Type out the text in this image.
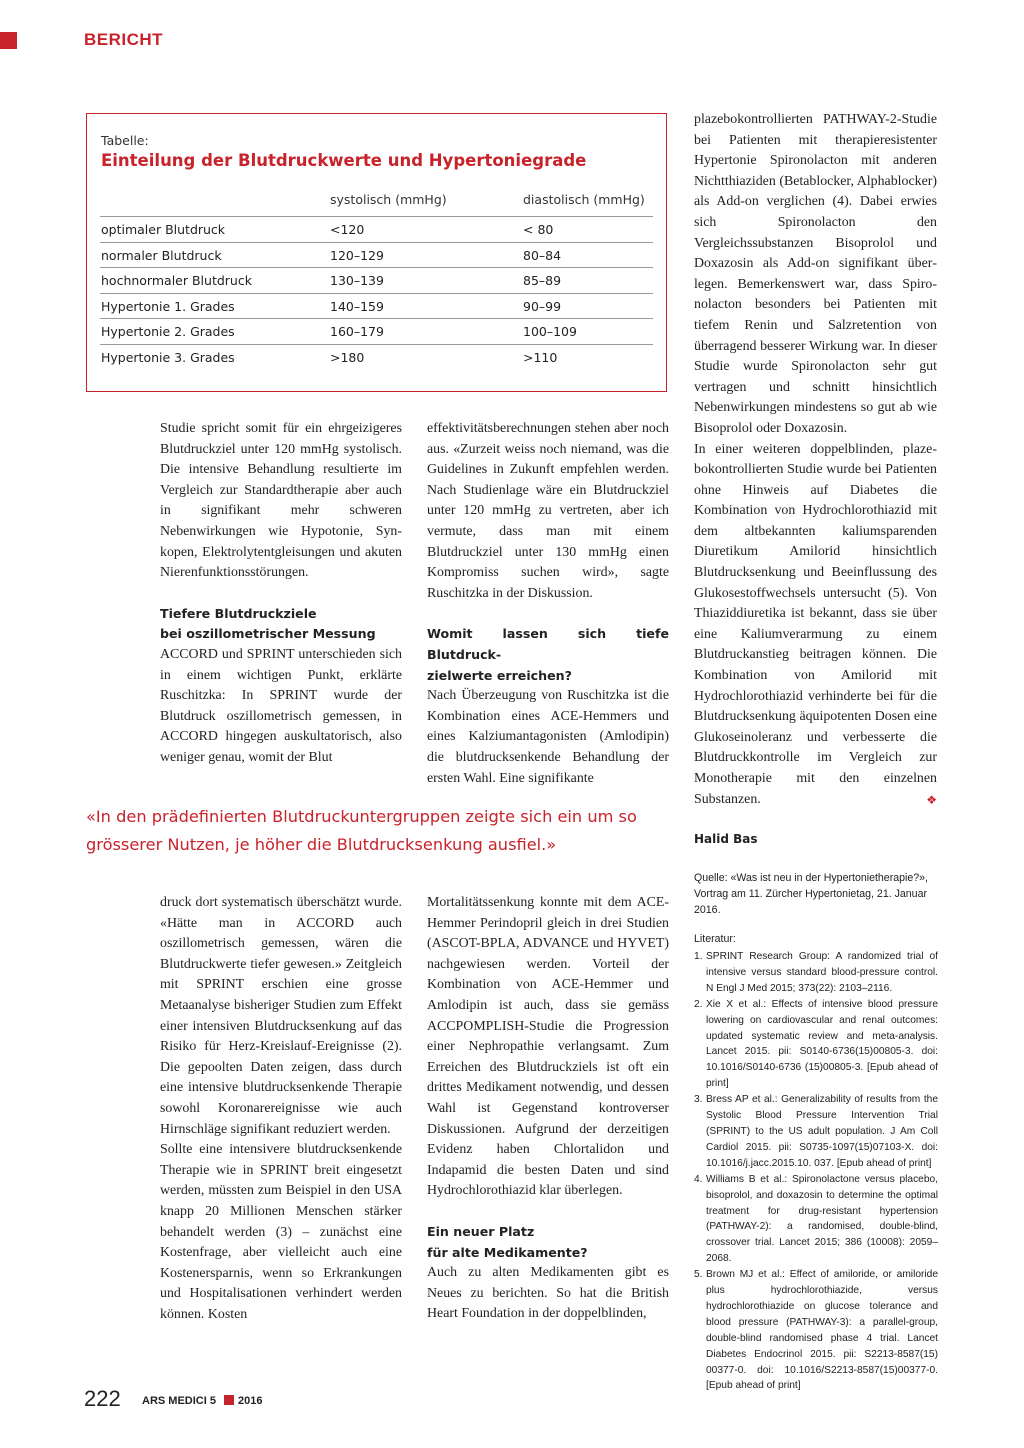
BERICHT
Tabelle:
Einteilung der Blutdruckwerte und Hypertoniegrade
systolisch (mmHg)	diastolisch (mmHg)
optimaler Blutdruck	<120	< 80
normaler Blutdruck	120–129	80–84
hochnormaler Blutdruck	130–139	85–89
Hypertonie 1. Grades	140–159	90–99
Hypertonie 2. Grades	160–179	100–109
Hypertonie 3. Grades	>180	>110

Studie spricht somit für ein ehrgeizigeres Blutdruckziel unter 120 mmHg systolisch. Die intensive Behandlung resultierte im Vergleich zur Standardtherapie aber auch in signifikant mehr schweren Nebenwirkungen wie Hypotonie, Synkopen, Elektrolytentgleisungen und akuten Nierenfunktionsstörungen.

Tiefere Blutdruckziele
bei oszillometrischer Messung

ACCORD und SPRINT unterschieden sich in einem wichtigen Punkt, erklärte Ruschitzka: In SPRINT wurde der Blutdruck oszillometrisch gemessen, in ACCORD hingegen auskultatorisch, also weniger genau, womit der Blut

effektivitätsberechnungen stehen aber noch aus. «Zurzeit weiss noch niemand, was die Guidelines in Zukunft empfehlen werden. Nach Studienlage wäre ein Blutdruckziel unter 120 mmHg zu vertreten, aber ich vermute, dass man mit einem Blutdruckziel unter 130 mmHg einen Kompromiss suchen wird», sagte Ruschitzka in der Diskussion.

Womit lassen sich tiefe Blutdruck-
zielwerte erreichen?

Nach Überzeugung von Ruschitzka ist die Kombination eines ACE-Hemmers und eines Kalziumantagonisten (Amlodipin) die blutdrucksenkende Behandlung der ersten Wahl. Eine signifikante

«In den prädefinierten Blutdruckuntergruppen zeigte sich ein um so grösserer Nutzen, je höher die Blutdrucksenkung ausfiel.»

druck dort systematisch überschätzt wurde. «Hätte man in ACCORD auch oszillometrisch gemessen, wären die Blutdruckwerte tiefer gewesen.» Zeitgleich mit SPRINT erschien eine grosse Metaanalyse bisheriger Studien zum Effekt einer intensiven Blutdrucksenkung auf das Risiko für Herz-Kreislauf-Ereignisse (2). Die gepoolten Daten zeigen, dass durch eine intensive blutdrucksenkende Therapie sowohl Koronarereignisse wie auch Hirnschläge signifikant reduziert werden.

Sollte eine intensivere blutdrucksenkende Therapie wie in SPRINT breit eingesetzt werden, müssten zum Beispiel in den USA knapp 20 Millionen Menschen stärker behandelt werden (3) – zunächst eine Kostenfrage, aber vielleicht auch eine Kostenersparnis, wenn so Erkrankungen und Hospitalisationen verhindert werden können. Kosten

Mortalitätssenkung konnte mit dem ACE-Hemmer Perindopril gleich in drei Studien (ASCOT-BPLA, ADVANCE und HYVET) nachgewiesen werden. Vorteil der Kombination von ACE-Hemmer und Amlodipin ist auch, dass sie gemäss ACCPOMPLISH-Studie die Progression einer Nephropathie verlangsamt. Zum Erreichen des Blutdruckziels ist oft ein drittes Medikament notwendig, und dessen Wahl ist Gegenstand kontroverser Diskussionen. Aufgrund der derzeitigen Evidenz haben Chlortalidon und Indapamid die besten Daten und sind Hydrochlorothiazid klar überlegen.

Ein neuer Platz
für alte Medikamente?

Auch zu alten Medikamenten gibt es Neues zu berichten. So hat die British Heart Foundation in der doppelblinden,

plazebokontrollierten PATHWAY-2-Studie bei Patienten mit therapieresistenter Hypertonie Spironolacton mit anderen Nichtthiaziden (Betablocker, Alphablocker) als Add-on verglichen (4). Dabei erwies sich Spironolacton den Vergleichssubstanzen Bisoprolol und Doxazosin als Add-on signifikant überlegen. Bemerkenswert war, dass Spironolacton besonders bei Patienten mit tiefem Renin und Salzretention von überragend besserer Wirkung war. In dieser Studie wurde Spironolacton sehr gut vertragen und schnitt hinsichtlich Nebenwirkungen mindestens so gut ab wie Bisoprolol oder Doxazosin.

In einer weiteren doppelblinden, plazebokontrollierten Studie wurde bei Patienten ohne Hinweis auf Diabetes die Kombination von Hydrochlorothiazid mit dem altbekannten kaliumsparenden Diuretikum Amilorid hinsichtlich Blutdrucksenkung und Beeinflussung des Glukosestoffwechsels untersucht (5). Von Thiaziddiuretika ist bekannt, dass sie über eine Kaliumverarmung zu einem Blutdruckanstieg beitragen können. Die Kombination von Amilorid mit Hydrochlorothiazid verhinderte bei für die Blutdrucksenkung äquipotenten Dosen eine Glukoseinoleranz und verbesserte die Blutdruckkontrolle im Vergleich zur Monotherapie mit den einzelnen Substanzen.	❖

Halid Bas
Quelle: «Was ist neu in der Hypertonietherapie?», Vortrag am 11. Zürcher Hypertonietag, 21. Januar 2016.
Literatur:
1. SPRINT Research Group: A randomized trial of intensive versus standard blood-pressure control. N Engl J Med 2015; 373(22): 2103–2116.
2. Xie X et al.: Effects of intensive blood pressure lowering on cardiovascular and renal outcomes: updated systematic review and meta-analysis. Lancet 2015. pii: S0140-6736(15)00805-3. doi: 10.1016/S0140-6736 (15)00805-3. [Epub ahead of print]
3. Bress AP et al.: Generalizability of results from the Systolic Blood Pressure Intervention Trial (SPRINT) to the US adult population. J Am Coll Cardiol 2015. pii: S0735-1097(15)07103-X. doi: 10.1016/j.jacc.2015.10. 037. [Epub ahead of print]
4. Williams B et al.: Spironolactone versus placebo, bisoprolol, and doxazosin to determine the optimal treatment for drug-resistant hypertension (PATHWAY-2): a randomised, double-blind, crossover trial. Lancet 2015; 386 (10008): 2059–2068.
5. Brown MJ et al.: Effect of amiloride, or amiloride plus hydrochlorothiazide, versus hydrochlorothiazide on glucose tolerance and blood pressure (PATHWAY-3): a parallel-group, double-blind randomised phase 4 trial. Lancet Diabetes Endocrinol 2015. pii: S2213-8587(15) 00377-0. doi: 10.1016/S2213-8587(15)00377-0. [Epub ahead of print]
222 ARS MEDICI 5 2016
